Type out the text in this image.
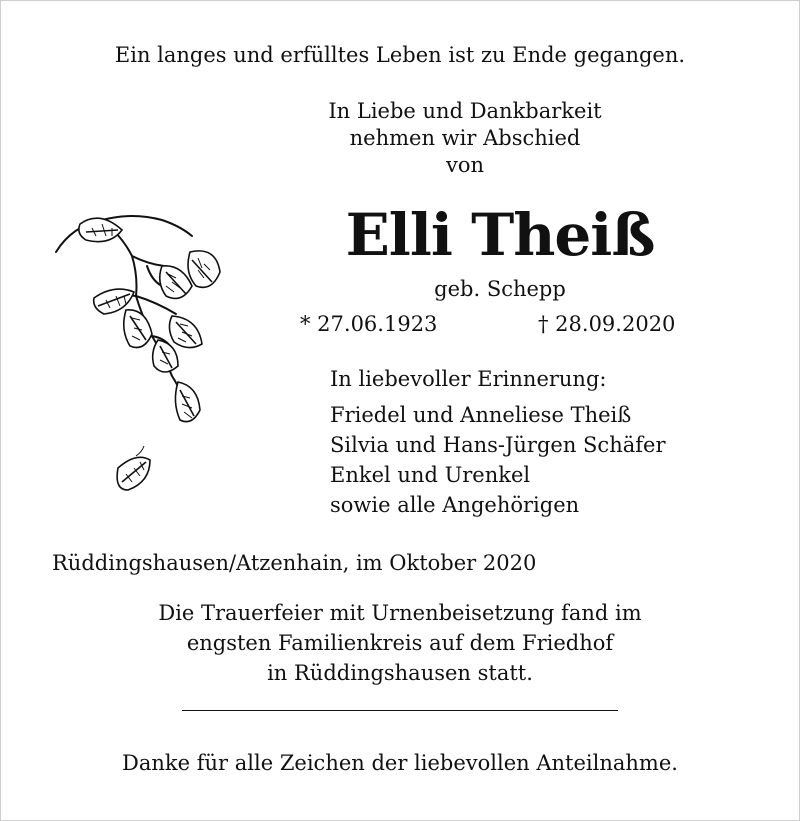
Ein langes und erfülltes Leben ist zu Ende gegangen.
In Liebe und Dankbarkeit
nehmen wir Abschied
von
Elli Theiß
geb. Schepp
* 27.06.1923	† 28.09.2020
In liebevoller Erinnerung:
Friedel und Anneliese Theiß
Silvia und Hans-Jürgen Schäfer
Enkel und Urenkel
sowie alle Angehörigen
Rüddingshausen/Atzenhain, im Oktober 2020
Die Trauerfeier mit Urnenbeisetzung fand im
engsten Familienkreis auf dem Friedhof
in Rüddingshausen statt.
Danke für alle Zeichen der liebevollen Anteilnahme.
